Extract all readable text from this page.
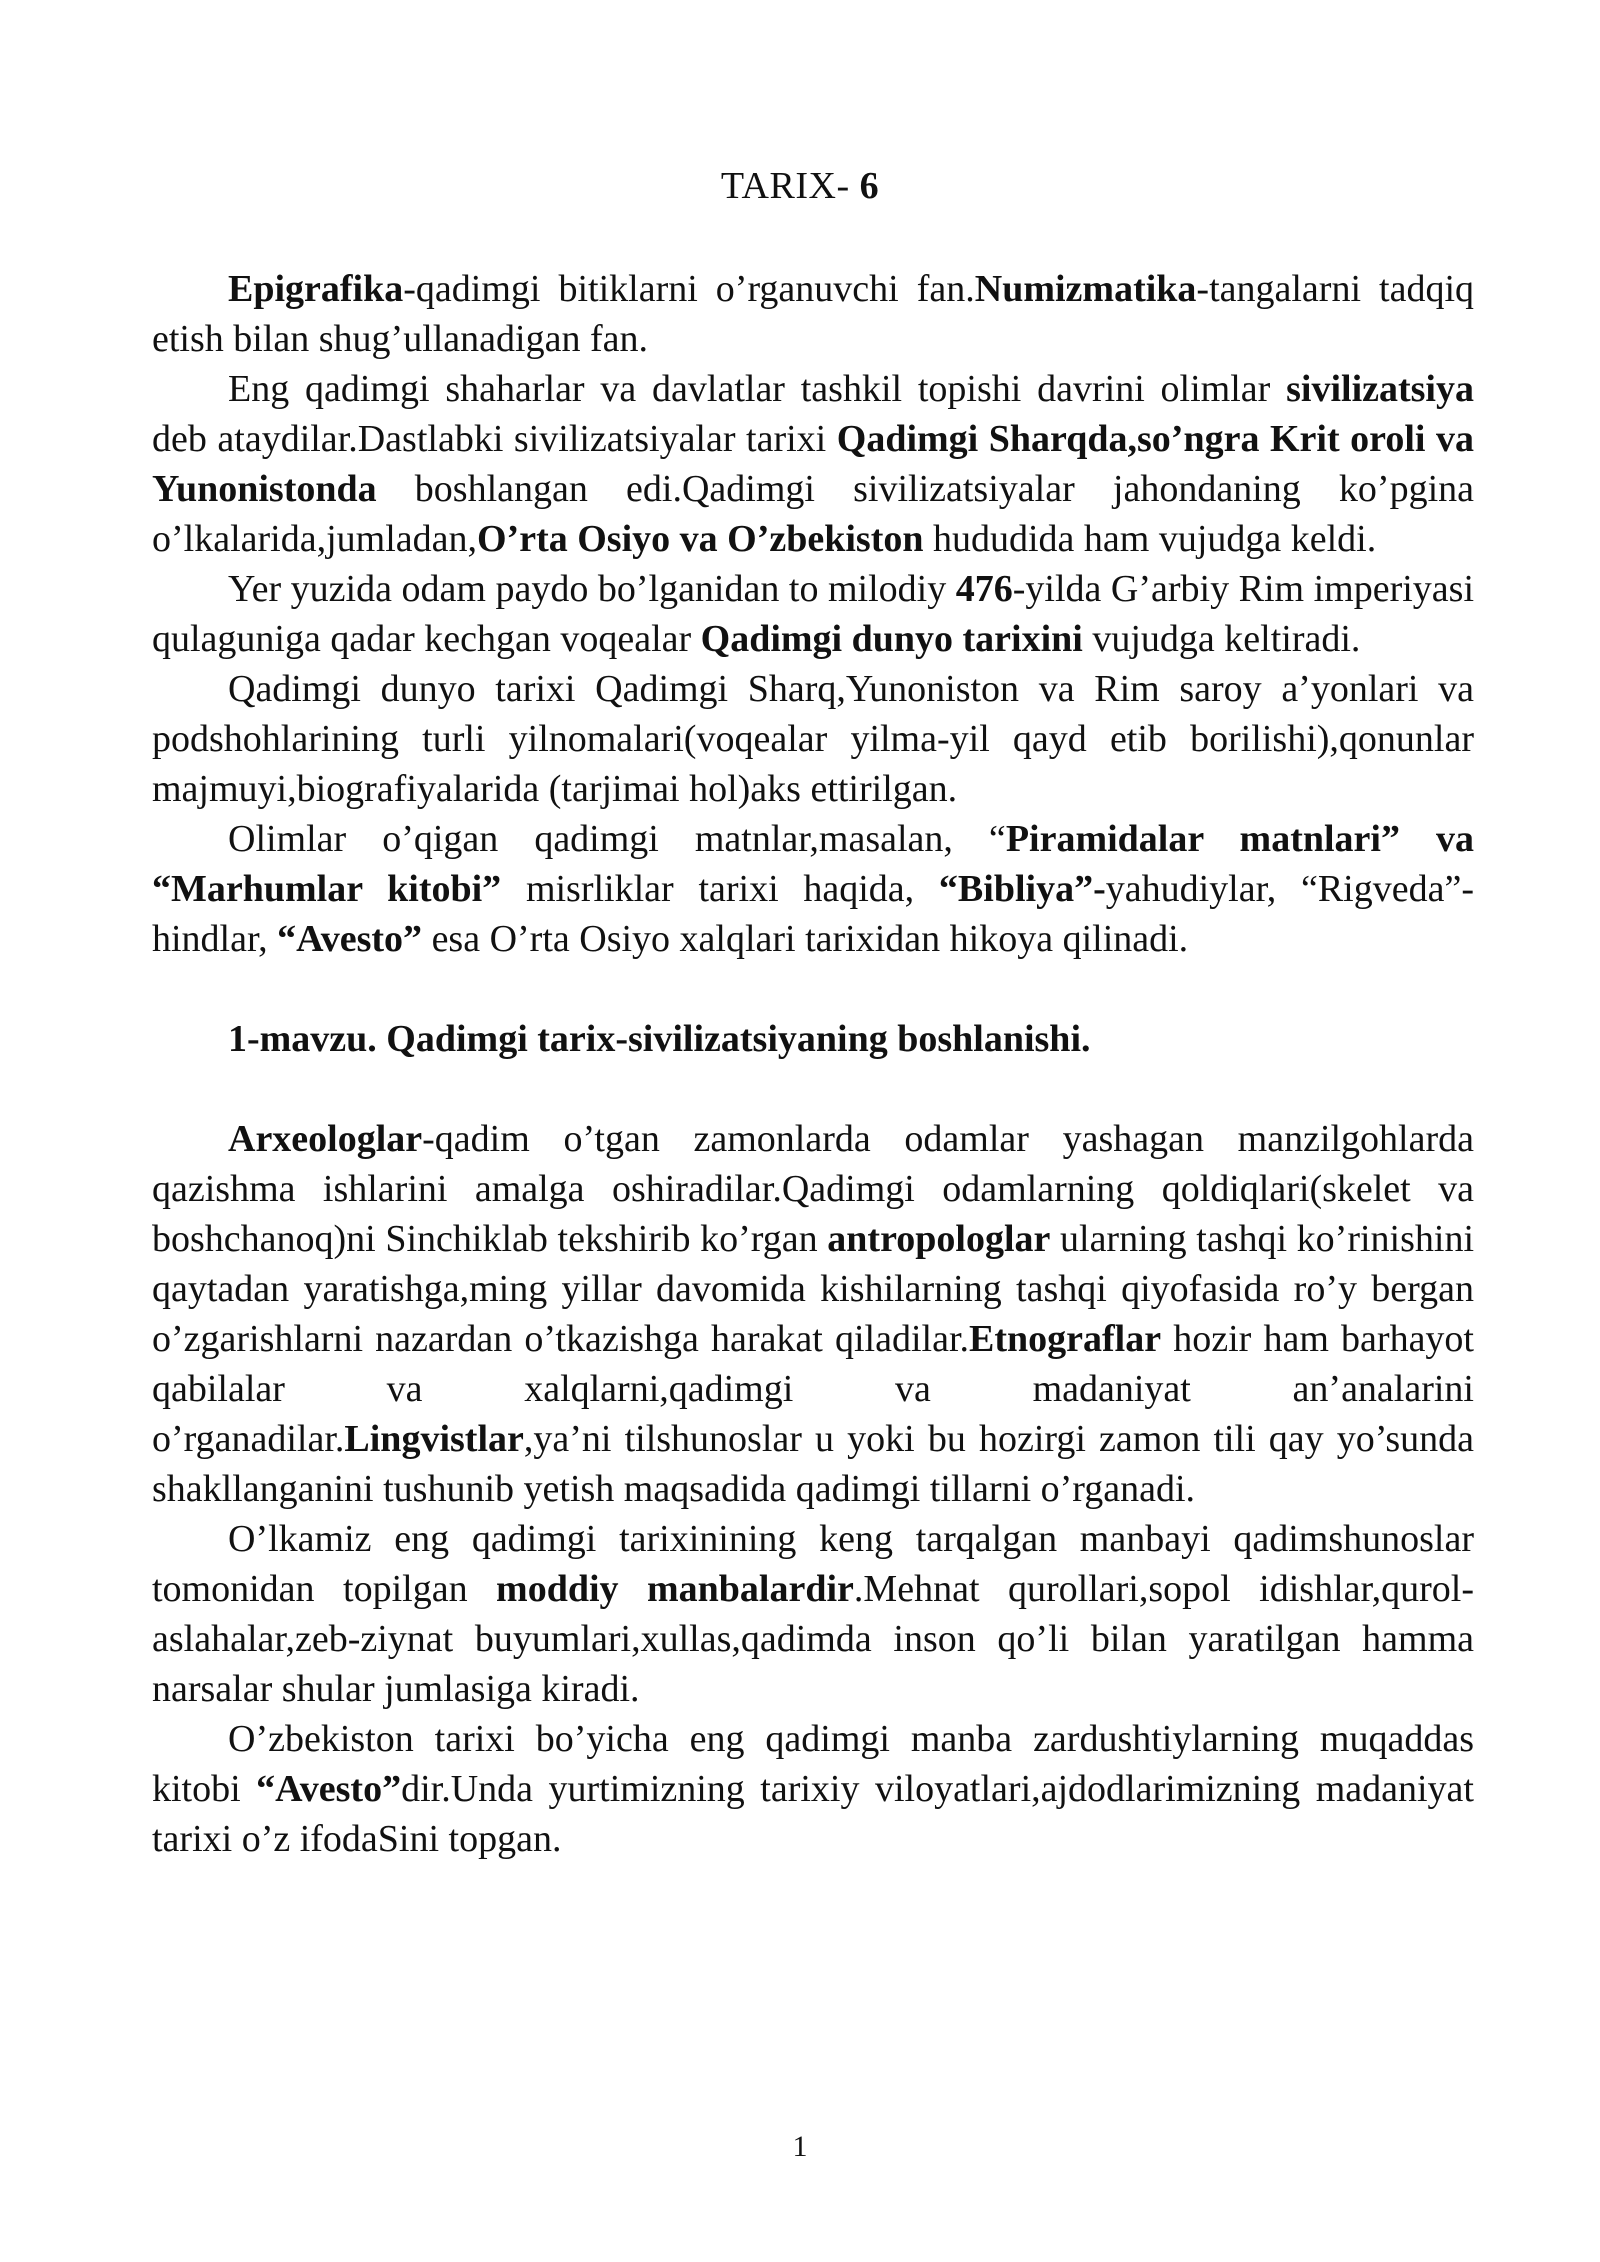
TARIX- 6

Epigrafika-qadimgi bitiklarni o’rganuvchi fan.Numizmatika-tangalarni tadqiq etish bilan shug’ullanadigan fan.

Eng qadimgi shaharlar va davlatlar tashkil topishi davrini olimlar sivilizatsiya deb ataydilar.Dastlabki sivilizatsiyalar tarixi Qadimgi Sharqda,so’ngra Krit oroli va Yunonistonda boshlangan edi.Qadimgi sivilizatsiyalar jahondaning ko’pgina o’lkalarida,jumladan,O’rta Osiyo va O’zbekiston hududida ham vujudga keldi.

Yer yuzida odam paydo bo’lganidan to milodiy 476-yilda G’arbiy Rim imperiyasi qulaguniga qadar kechgan voqealar Qadimgi dunyo tarixini vujudga keltiradi.

Qadimgi dunyo tarixi Qadimgi Sharq,Yunoniston va Rim saroy a’yonlari va podshohlarining turli yilnomalari(voqealar yilma-yil qayd etib borilishi),qonunlar majmuyi,biografiyalarida (tarjimai hol)aks ettirilgan.

Olimlar o’qigan qadimgi matnlar,masalan, “Piramidalar matnlari” va “Marhumlar kitobi” misrliklar tarixi haqida, “Bibliya”-yahudiylar, “Rigveda”-hindlar, “Avesto” esa O’rta Osiyo xalqlari tarixidan hikoya qilinadi.

1-mavzu. Qadimgi tarix-sivilizatsiyaning boshlanishi.

Arxeologlar-qadim o’tgan zamonlarda odamlar yashagan manzilgohlarda qazishma ishlarini amalga oshiradilar.Qadimgi odamlarning qoldiqlari(skelet va boshchanoq)ni Sinchiklab tekshirib ko’rgan antropologlar ularning tashqi ko’rinishini qaytadan yaratishga,ming yillar davomida kishilarning tashqi qiyofasida ro’y bergan o’zgarishlarni nazardan o’tkazishga harakat qiladilar.Etnograflar hozir ham barhayot qabilalar va xalqlarni,qadimgi va madaniyat an’analarini o’rganadilar.Lingvistlar,ya’ni tilshunoslar u yoki bu hozirgi zamon tili qay yo’sunda shakllanganini tushunib yetish maqsadida qadimgi tillarni o’rganadi.

O’lkamiz eng qadimgi tarixinining keng tarqalgan manbayi qadimshunoslar tomonidan topilgan moddiy manbalardir.Mehnat qurollari,sopol idishlar,qurol-aslahalar,zeb-ziynat buyumlari,xullas,qadimda inson qo’li bilan yaratilgan hamma narsalar shular jumlasiga kiradi.

O’zbekiston tarixi bo’yicha eng qadimgi manba zardushtiylarning muqaddas kitobi “Avesto”dir.Unda yurtimizning tarixiy viloyatlari,ajdodlarimizning madaniyat tarixi o’z ifodaSini topgan.

1
